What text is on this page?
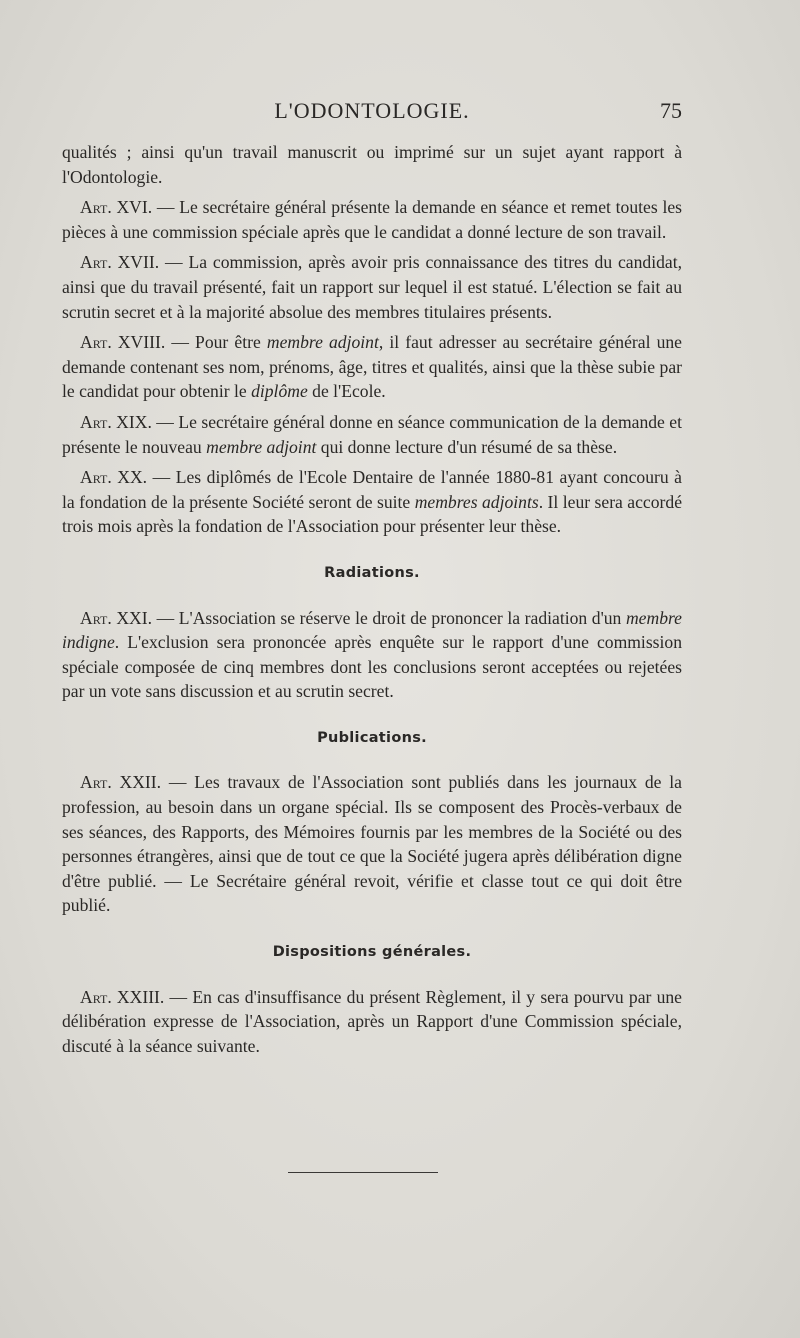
L'ODONTOLOGIE.	75

qualités ; ainsi qu'un travail manuscrit ou imprimé sur un sujet ayant rapport à l'Odontologie.

Art. XVI. — Le secrétaire général présente la demande en séance et remet toutes les pièces à une commission spéciale après que le candidat a donné lecture de son travail.

Art. XVII. — La commission, après avoir pris connaissance des titres du candidat, ainsi que du travail présenté, fait un rapport sur lequel il est statué. L'élection se fait au scrutin secret et à la majorité absolue des membres titulaires présents.

Art. XVIII. — Pour être membre adjoint, il faut adresser au secrétaire général une demande contenant ses nom, prénoms, âge, titres et qualités, ainsi que la thèse subie par le candidat pour obtenir le diplôme de l'Ecole.

Art. XIX. — Le secrétaire général donne en séance communication de la demande et présente le nouveau membre adjoint qui donne lecture d'un résumé de sa thèse.

Art. XX. — Les diplômés de l'Ecole Dentaire de l'année 1880-81 ayant concouru à la fondation de la présente Société seront de suite membres adjoints. Il leur sera accordé trois mois après la fondation de l'Association pour présenter leur thèse.

Radiations.

Art. XXI. — L'Association se réserve le droit de prononcer la radiation d'un membre indigne. L'exclusion sera prononcée après enquête sur le rapport d'une commission spéciale composée de cinq membres dont les conclusions seront acceptées ou rejetées par un vote sans discussion et au scrutin secret.

Publications.

Art. XXII. — Les travaux de l'Association sont publiés dans les journaux de la profession, au besoin dans un organe spécial. Ils se composent des Procès-verbaux de ses séances, des Rapports, des Mémoires fournis par les membres de la Société ou des personnes étrangères, ainsi que de tout ce que la Société jugera après délibération digne d'être publié. — Le Secrétaire général revoit, vérifie et classe tout ce qui doit être publié.

Dispositions générales.

Art. XXIII. — En cas d'insuffisance du présent Règlement, il y sera pourvu par une délibération expresse de l'Association, après un Rapport d'une Commission spéciale, discuté à la séance suivante.
